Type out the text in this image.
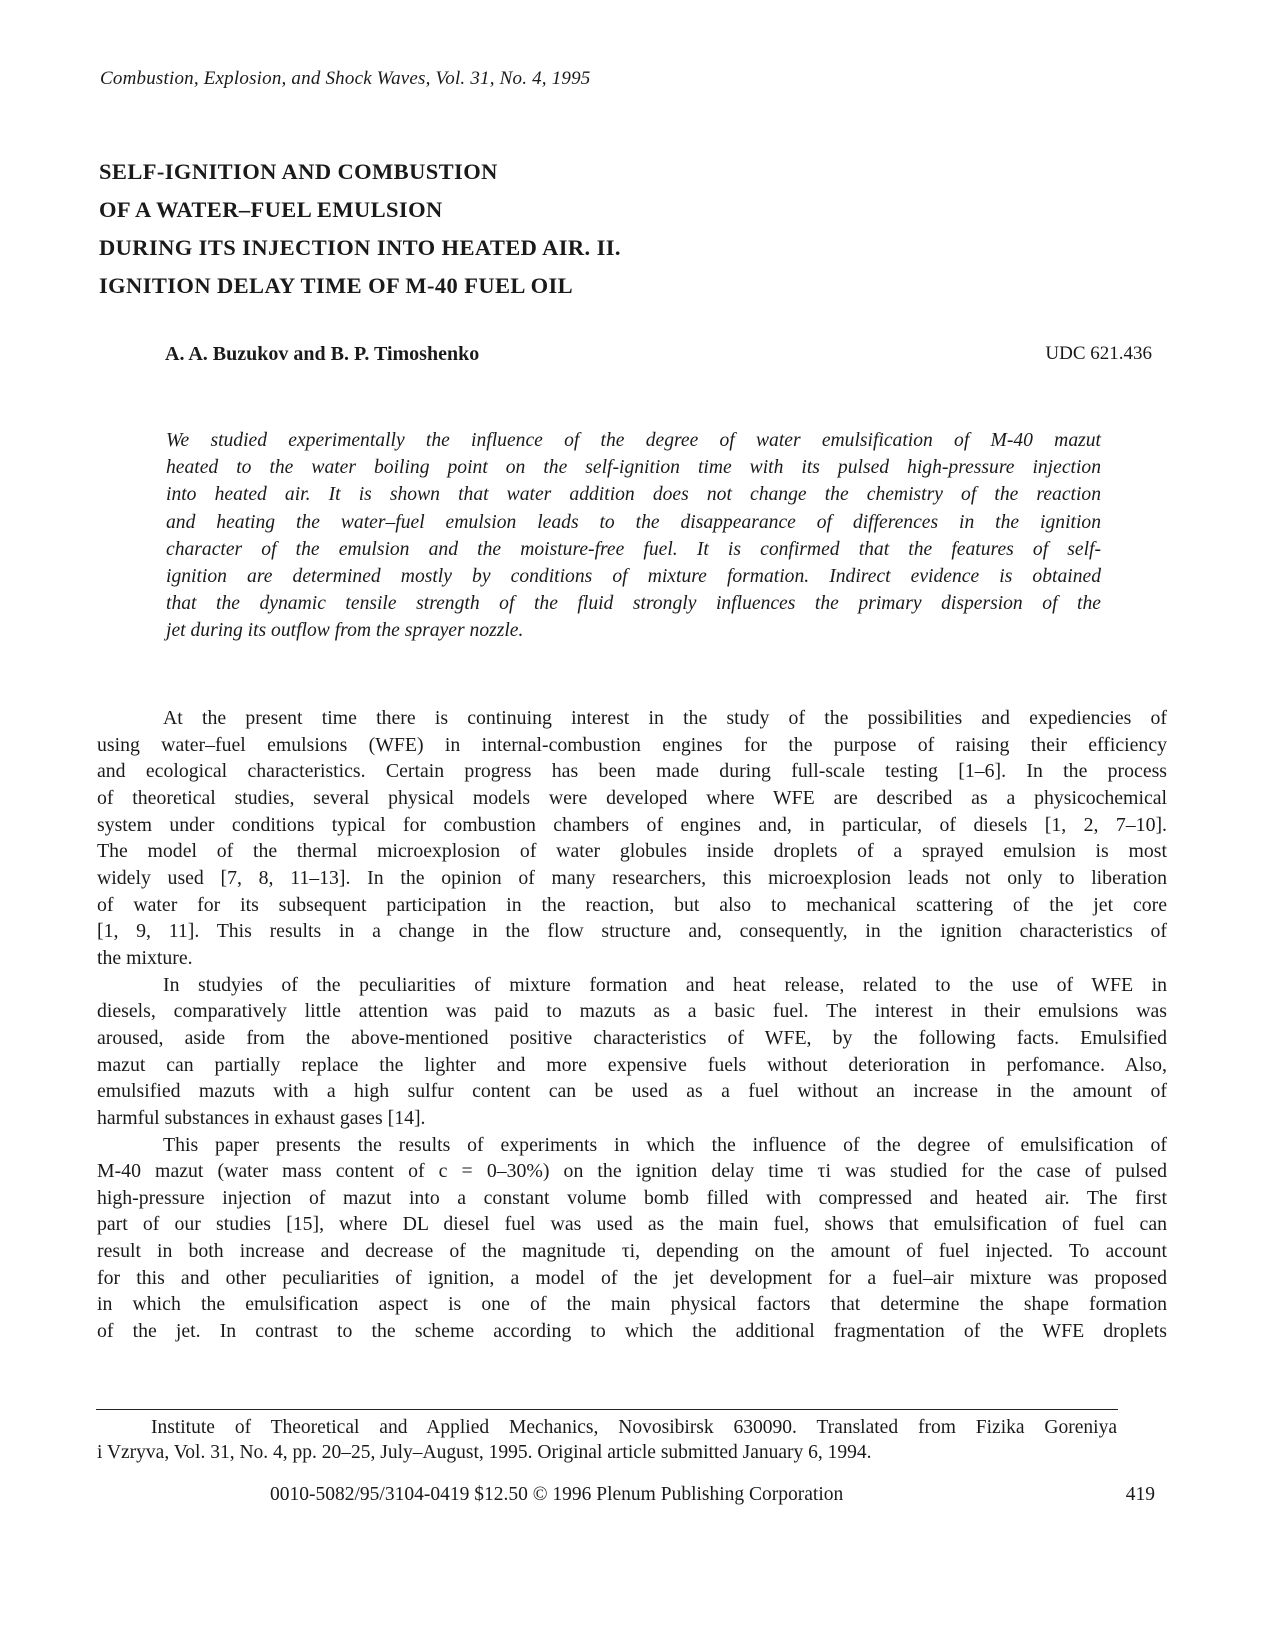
Combustion, Explosion, and Shock Waves, Vol. 31, No. 4, 1995
SELF-IGNITION AND COMBUSTION
OF A WATER–FUEL EMULSION
DURING ITS INJECTION INTO HEATED AIR. II.
IGNITION DELAY TIME OF M-40 FUEL OIL
A. A. Buzukov and B. P. Timoshenko	UDC 621.436
We studied experimentally the influence of the degree of water emulsification of M-40 mazut
heated to the water boiling point on the self-ignition time with its pulsed high-pressure injection
into heated air. It is shown that water addition does not change the chemistry of the reaction
and heating the water–fuel emulsion leads to the disappearance of differences in the ignition
character of the emulsion and the moisture-free fuel. It is confirmed that the features of self-
ignition are determined mostly by conditions of mixture formation. Indirect evidence is obtained
that the dynamic tensile strength of the fluid strongly influences the primary dispersion of the
jet during its outflow from the sprayer nozzle.
At the present time there is continuing interest in the study of the possibilities and expediencies of
using water–fuel emulsions (WFE) in internal-combustion engines for the purpose of raising their efficiency
and ecological characteristics. Certain progress has been made during full-scale testing [1–6]. In the process
of theoretical studies, several physical models were developed where WFE are described as a physicochemical
system under conditions typical for combustion chambers of engines and, in particular, of diesels [1, 2, 7–10].
The model of the thermal microexplosion of water globules inside droplets of a sprayed emulsion is most
widely used [7, 8, 11–13]. In the opinion of many researchers, this microexplosion leads not only to liberation
of water for its subsequent participation in the reaction, but also to mechanical scattering of the jet core
[1, 9, 11]. This results in a change in the flow structure and, consequently, in the ignition characteristics of
the mixture.
In studyies of the peculiarities of mixture formation and heat release, related to the use of WFE in
diesels, comparatively little attention was paid to mazuts as a basic fuel. The interest in their emulsions was
aroused, aside from the above-mentioned positive characteristics of WFE, by the following facts. Emulsified
mazut can partially replace the lighter and more expensive fuels without deterioration in perfomance. Also,
emulsified mazuts with a high sulfur content can be used as a fuel without an increase in the amount of
harmful substances in exhaust gases [14].
This paper presents the results of experiments in which the influence of the degree of emulsification of
M-40 mazut (water mass content of c = 0–30%) on the ignition delay time τi was studied for the case of pulsed
high-pressure injection of mazut into a constant volume bomb filled with compressed and heated air. The first
part of our studies [15], where DL diesel fuel was used as the main fuel, shows that emulsification of fuel can
result in both increase and decrease of the magnitude τi, depending on the amount of fuel injected. To account
for this and other peculiarities of ignition, a model of the jet development for a fuel–air mixture was proposed
in which the emulsification aspect is one of the main physical factors that determine the shape formation
of the jet. In contrast to the scheme according to which the additional fragmentation of the WFE droplets
Institute of Theoretical and Applied Mechanics, Novosibirsk 630090. Translated from Fizika Goreniya
i Vzryva, Vol. 31, No. 4, pp. 20–25, July–August, 1995. Original article submitted January 6, 1994.
0010-5082/95/3104-0419 $12.50 © 1996 Plenum Publishing Corporation	419
